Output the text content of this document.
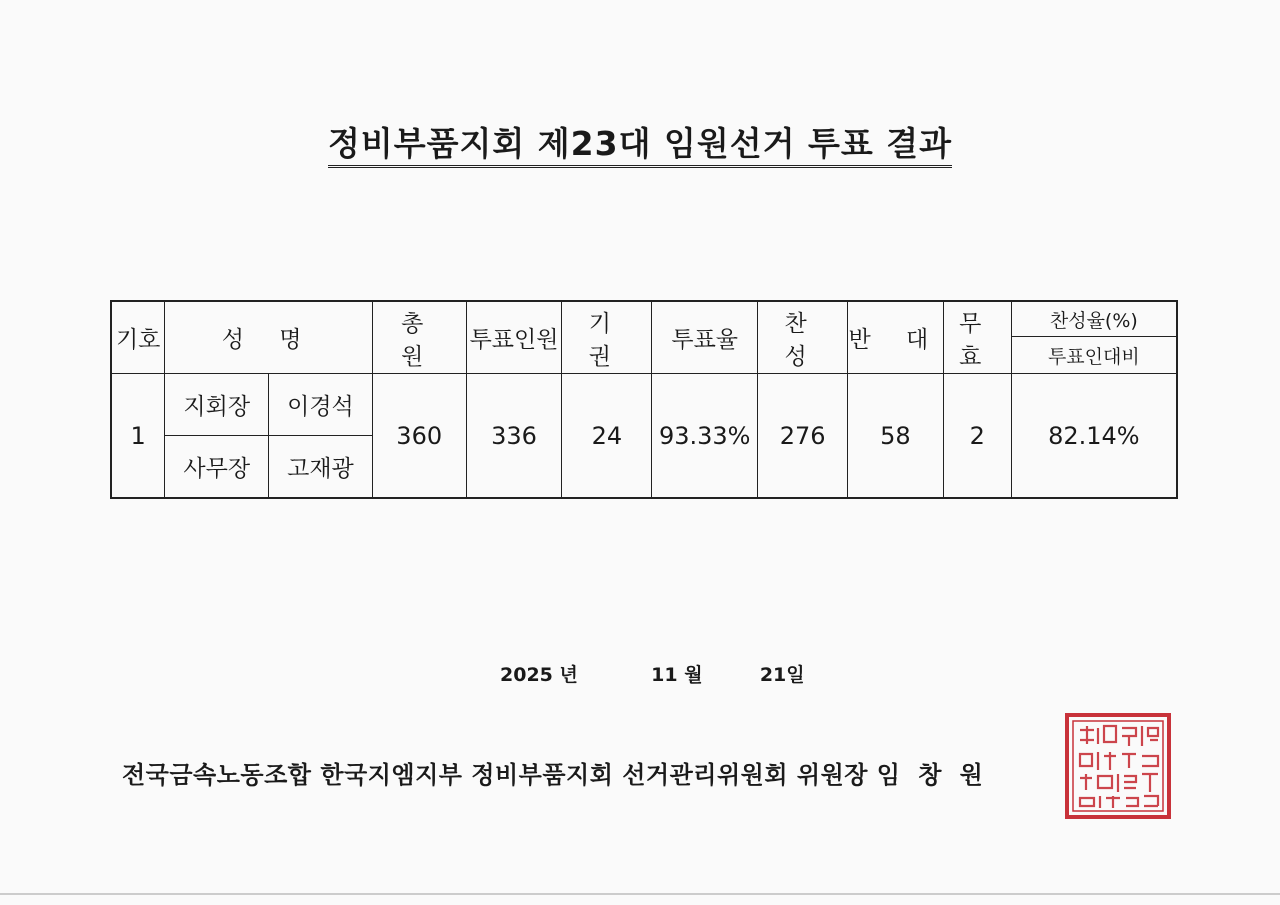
정비부품지회 제23대 임원선거 투표 결과
기호	성 명		총 원	투표인원	기 권	투표율	찬 성	반 대	무 효	찬성율(%)
										투표인대비
1	지회장	이경석	360	336	24	93.33%	276	58	2	82.14%
	사무장	고재광								
2025 년	11 월	21일
전국금속노동조합 한국지엠지부 정비부품지회 선거관리위원회 위원장 임  창  원
